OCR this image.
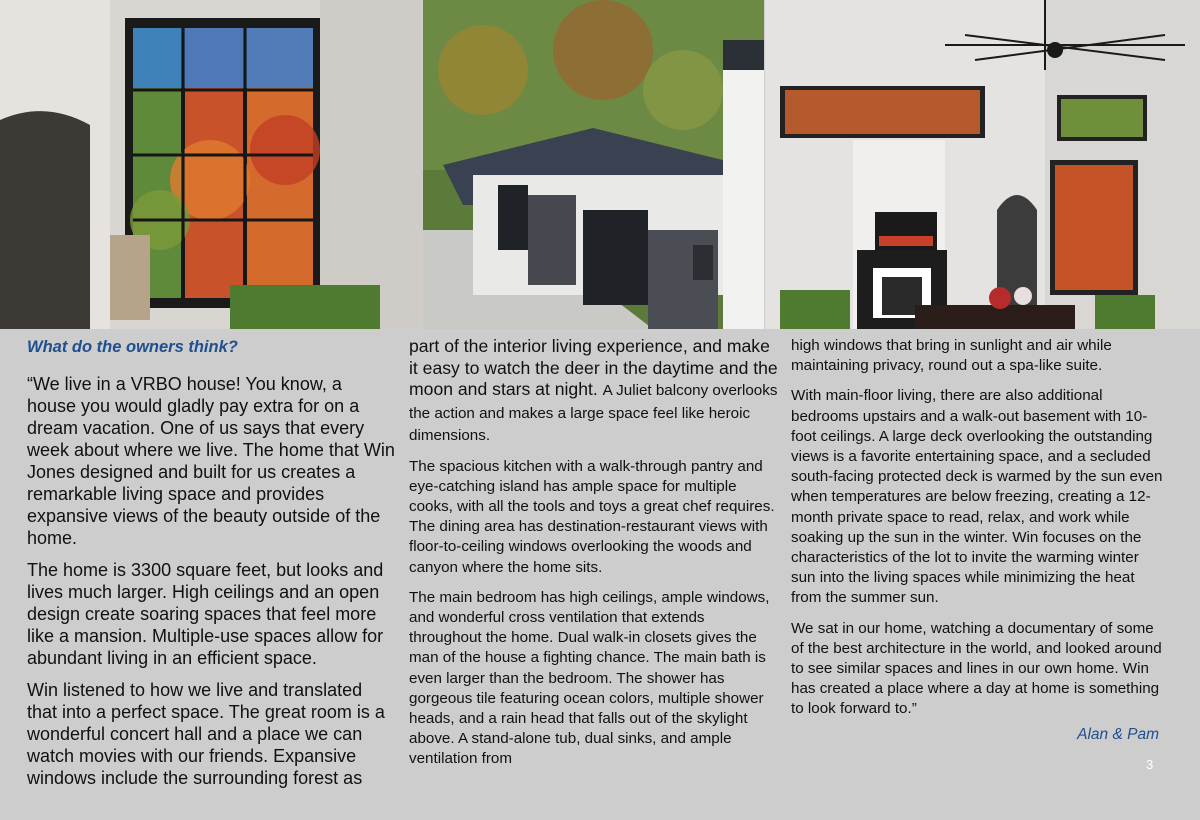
What do the owners think?

“We live in a VRBO house! You know, a house you would gladly pay extra for on a dream vacation. One of us says that every week about where we live. The home that Win Jones designed and built for us creates a remarkable living space and provides expansive views of the beauty outside of the home.

The home is 3300 square feet, but looks and lives much larger. High ceilings and an open design create soaring spaces that feel more like a mansion. Multiple-use spaces allow for abundant living in an efficient space.

Win listened to how we live and translated that into a perfect space. The great room is a wonderful concert hall and a place we can watch movies with our friends. Expansive windows include the surrounding forest as

part of the interior living experience, and make it easy to watch the deer in the daytime and the moon and stars at night. A Juliet balcony overlooks the action and makes a large space feel like heroic dimensions.

The spacious kitchen with a walk-through pantry and eye-catching island has ample space for multiple cooks, with all the tools and toys a great chef requires. The dining area has destination-restaurant views with floor-to-ceiling windows overlooking the woods and canyon where the home sits.

The main bedroom has high ceilings, ample windows, and wonderful cross ventilation that extends throughout the home. Dual walk-in closets gives the man of the house a fighting chance. The main bath is even larger than the bedroom. The shower has gorgeous tile featuring ocean colors, multiple shower heads, and a rain head that falls out of the skylight above. A stand-alone tub, dual sinks, and ample ventilation from

high windows that bring in sunlight and air while maintaining privacy, round out a spa-like suite.

With main-floor living, there are also additional bedrooms upstairs and a walk-out basement with 10-foot ceilings. A large deck overlooking the outstanding views is a favorite entertaining space, and a secluded south-facing protected deck is warmed by the sun even when temperatures are below freezing, creating a 12-month private space to read, relax, and work while soaking up the sun in the winter. Win focuses on the characteristics of the lot to invite the warming winter sun into the living spaces while minimizing the heat from the summer sun.

We sat in our home, watching a documentary of some of the best architecture in the world, and looked around to see similar spaces and lines in our own home. Win has created a place where a day at home is something to look forward to.”

Alan & Pam
3
